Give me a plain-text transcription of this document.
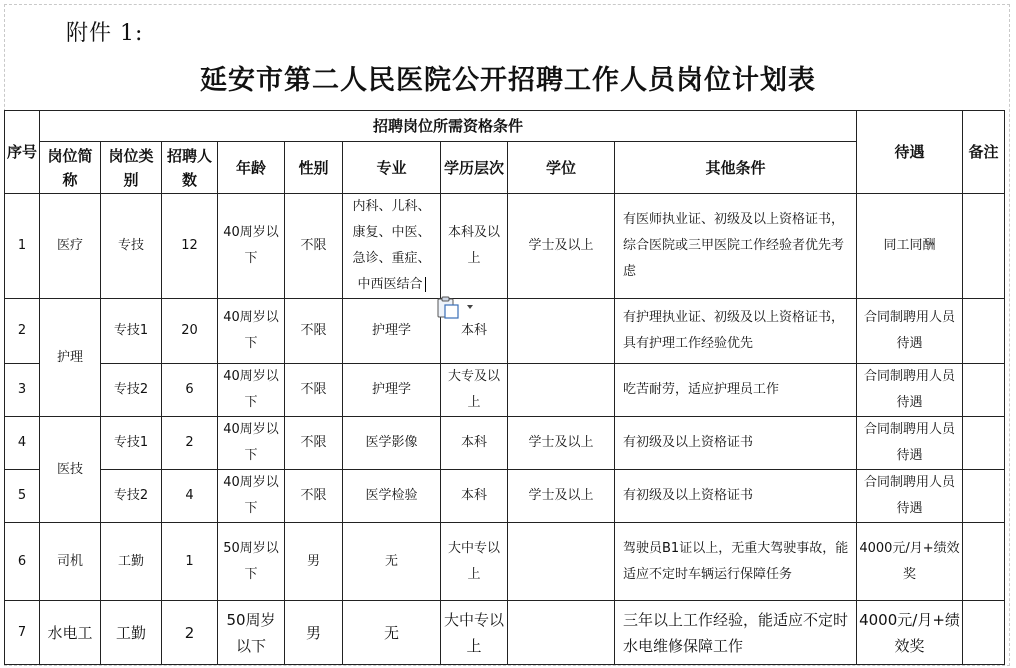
附件 1:
延安市第二人民医院公开招聘工作人员岗位计划表
序号	招聘岗位所需资格条件									待遇	备注
	岗位简称	岗位类别	招聘人数	年龄	性别	专业	学历层次	学位	其他条件		
1	医疗	专技	12	40周岁以下	不限	内科、儿科、康复、中医、急诊、重症、中西医结合	本科及以上	学士及以上	有医师执业证、初级及以上资格证书，综合医院或三甲医院工作经验者优先考虑	同工同酬	
2	护理	专技1	20	40周岁以下	不限	护理学	本科		有护理执业证、初级及以上资格证书，具有护理工作经验优先	合同制聘用人员待遇	
3		专技2	6	40周岁以下	不限	护理学	大专及以上		吃苦耐劳，适应护理员工作	合同制聘用人员待遇	
4	医技	专技1	2	40周岁以下	不限	医学影像	本科	学士及以上	有初级及以上资格证书	合同制聘用人员待遇	
5		专技2	4	40周岁以下	不限	医学检验	本科	学士及以上	有初级及以上资格证书	合同制聘用人员待遇	
6	司机	工勤	1	50周岁以下	男	无	大中专以上		驾驶员B1证以上，无重大驾驶事故，能适应不定时车辆运行保障任务	4000元/月+绩效奖	
7	水电工	工勤	2	50周岁以下	男	无	大中专以上		三年以上工作经验，能适应不定时水电维修保障工作	4000元/月+绩效奖	
